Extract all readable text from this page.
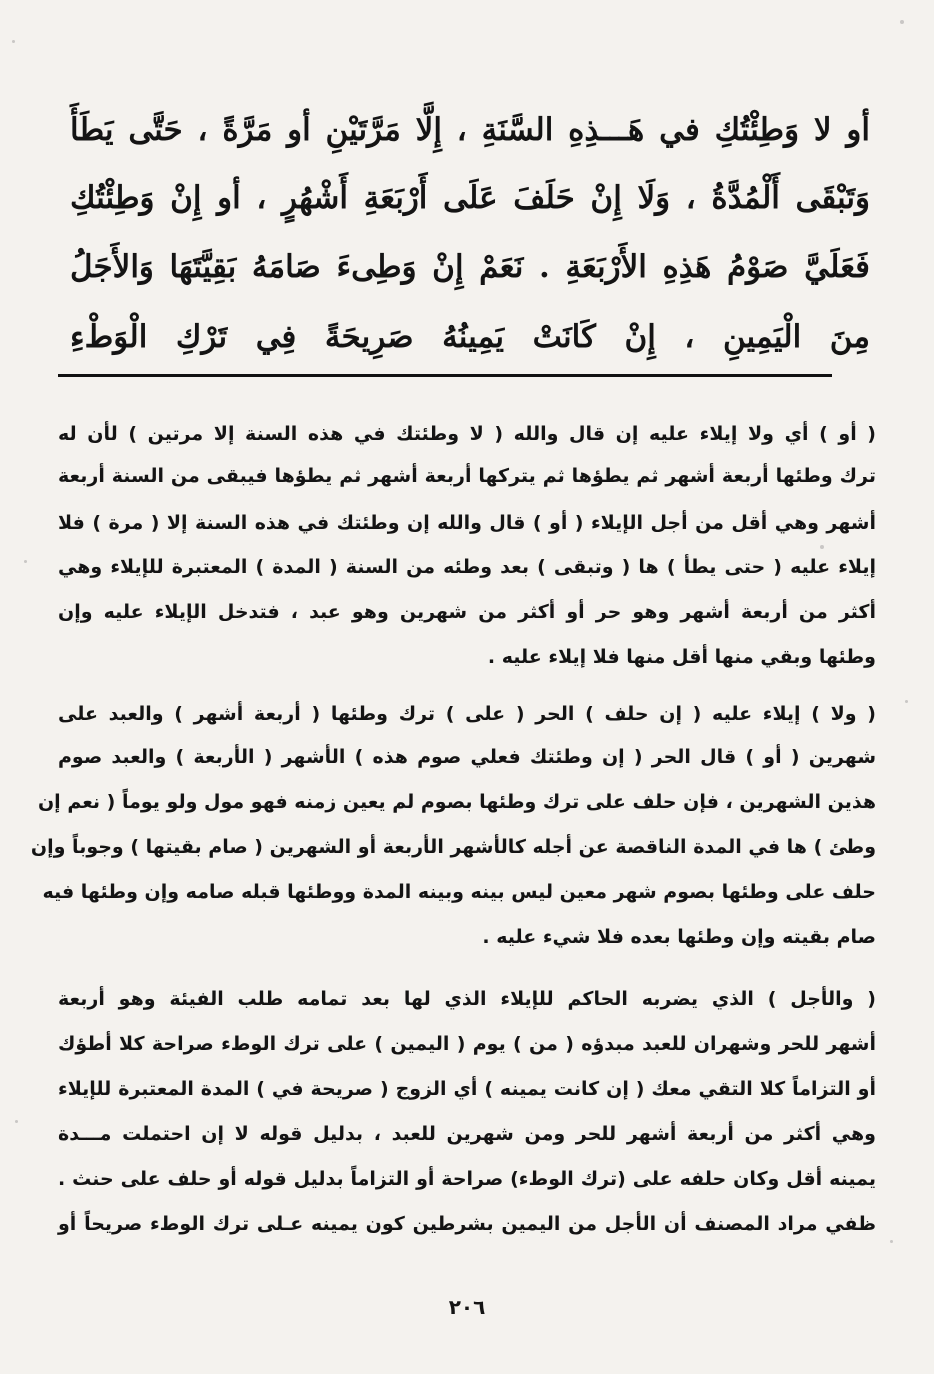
أو لا وَطِئْتُكِ في هَـــذِهِ السَّنَةِ ، إِلَّا مَرَّتَيْنِ أو مَرَّةً ، حَتَّى يَطَأَ
وَتَبْقَى أَلْمُدَّةُ ، وَلَا إِنْ حَلَفَ عَلَى أَرْبَعَةِ أَشْهُرٍ ، أو إِنْ وَطِئْتُكِ
فَعَلَيَّ صَوْمُ هَذِهِ الأَرْبَعَةِ . نَعَمْ إِنْ وَطِىءَ صَامَهُ بَقِيَّتَهَا وَالأَجَلُ
مِنَ الْيَمِينِ ، إِنْ كَانَتْ يَمِينُهُ صَرِيحَةً فِي تَرْكِ الْوَطْءِ
( أو ) أي ولا إيلاء عليه إن قال والله ( لا وطئتك في هذه السنة إلا مرتين ) لأن له
ترك وطئها أربعة أشهر ثم يطؤها ثم يتركها أربعة أشهر ثم يطؤها فيبقى من السنة أربعة
أشهر وهي أقل من أجل الإيلاء ( أو ) قال والله إن وطئتك في هذه السنة إلا ( مرة ) فلا
إيلاء عليه ( حتى يطأ ) ها ( وتبقى ) بعد وطئه من السنة ( المدة ) المعتبرة للإيلاء وهي
أكثر من أربعة أشهر وهو حر أو أكثر من شهرين وهو عبد ، فتدخل الإيلاء عليه وإن
وطئها وبقي منها أقل منها فلا إيلاء عليه .
( ولا ) إيلاء عليه ( إن حلف ) الحر ( على ) ترك وطئها ( أربعة أشهر ) والعبد على
شهرين ( أو ) قال الحر ( إن وطئتك فعلي صوم هذه ) الأشهر ( الأربعة ) والعبد صوم
هذين الشهرين ، فإن حلف على ترك وطئها بصوم لم يعين زمنه فهو مول ولو يوماً ( نعم إن
وطئ ) ها في المدة الناقصة عن أجله كالأشهر الأربعة أو الشهرين ( صام بقيتها ) وجوباً وإن
حلف على وطئها بصوم شهر معين ليس بينه وبينه المدة ووطئها قبله صامه وإن وطئها فيه
صام بقيته وإن وطئها بعده فلا شيء عليه .
( والأجل ) الذي يضربه الحاكم للإيلاء الذي لها بعد تمامه طلب الفيئة وهو أربعة
أشهر للحر وشهران للعبد مبدؤه ( من ) يوم ( اليمين ) على ترك الوطء صراحة كلا أطؤك
أو التزاماً كلا التقي معك ( إن كانت يمينه ) أي الزوج ( صريحة في ) المدة المعتبرة للإيلاء
وهي أكثر من أربعة أشهر للحر ومن شهرين للعبد ، بدليل قوله لا إن احتملت مـــدة
يمينه أقل وكان حلفه على (ترك الوطء) صراحة أو التزاماً بدليل قوله أو حلف على حنث .
ظفي مراد المصنف أن الأجل من اليمين بشرطين كون يمينه عـلى ترك الوطء صريحاً أو
٢٠٦
